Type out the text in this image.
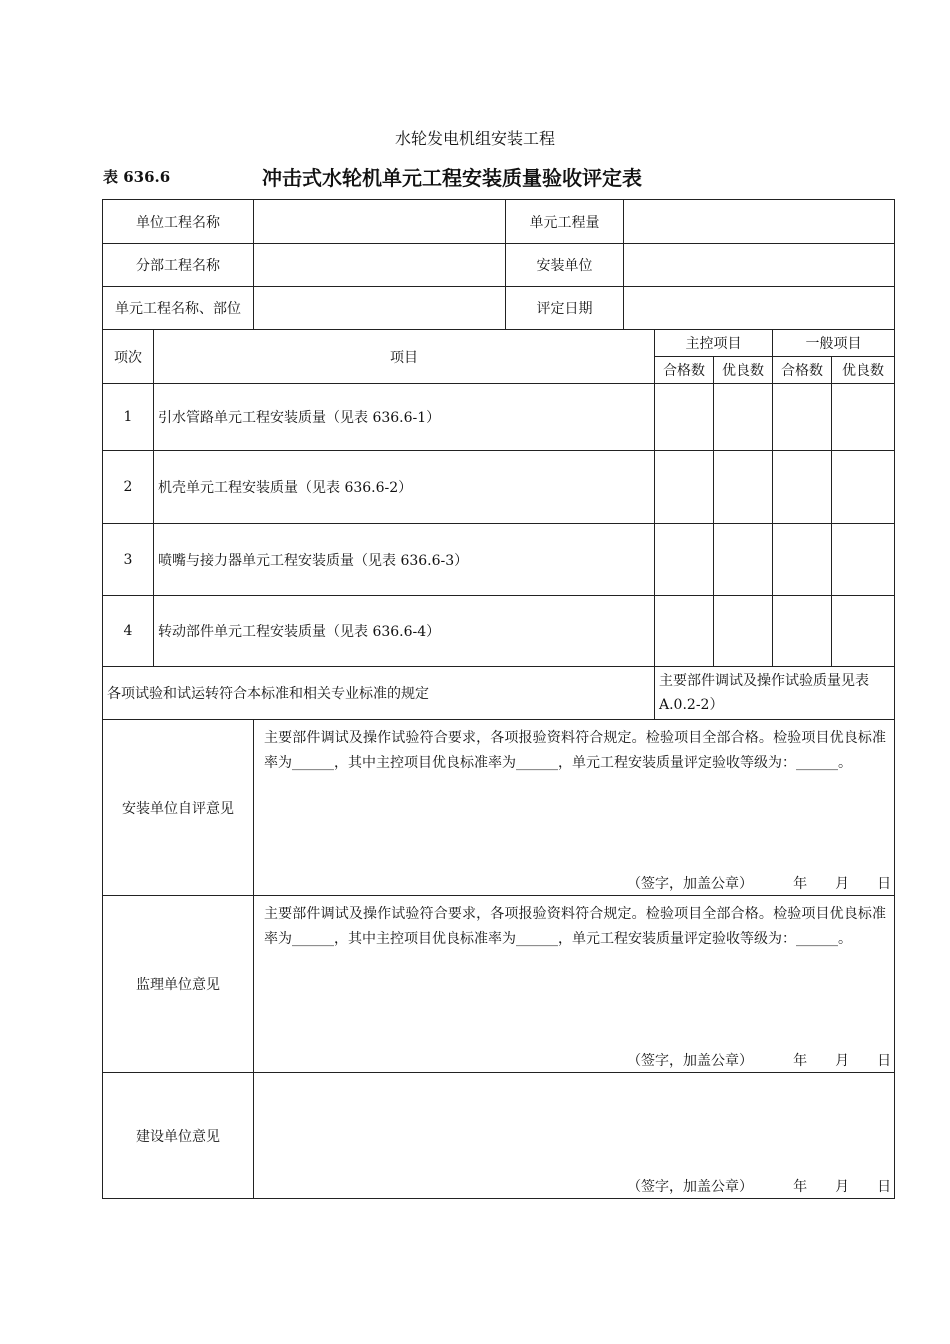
水轮发电机组安装工程
表 636.6	冲击式水轮机单元工程安装质量验收评定表
单位工程名称			单元工程量					
分部工程名称			安装单位					
单元工程名称、部位			评定日期					
项次	项目				主控项目		一般项目	
					合格数	优良数	合格数	优良数
1	引水管路单元工程安装质量（见表 636.6-1）							
2	机壳单元工程安装质量（见表 636.6-2）							
3	喷嘴与接力器单元工程安装质量（见表 636.6-3）							
4	转动部件单元工程安装质量（见表 636.6-4）							
各项试验和试运转符合本标准和相关专业标准的规定					主要部件调试及操作试验质量见表 A.0.2-2）			
安装单位自评意见		主要部件调试及操作试验符合要求，各项报验资料符合规定。检验项目全部合格。检验项目优良标准率为______，其中主控项目优良标准率为______，单元工程安装质量评定验收等级为：______。
（签字，加盖公章） 年 月 日						

监理单位意见		主要部件调试及操作试验符合要求，各项报验资料符合规定。检验项目全部合格。检验项目优良标准率为______，其中主控项目优良标准率为______，单元工程安装质量评定验收等级为：______。
（签字，加盖公章） 年 月 日						

建设单位意见		（签字，加盖公章） 年 月 日						
